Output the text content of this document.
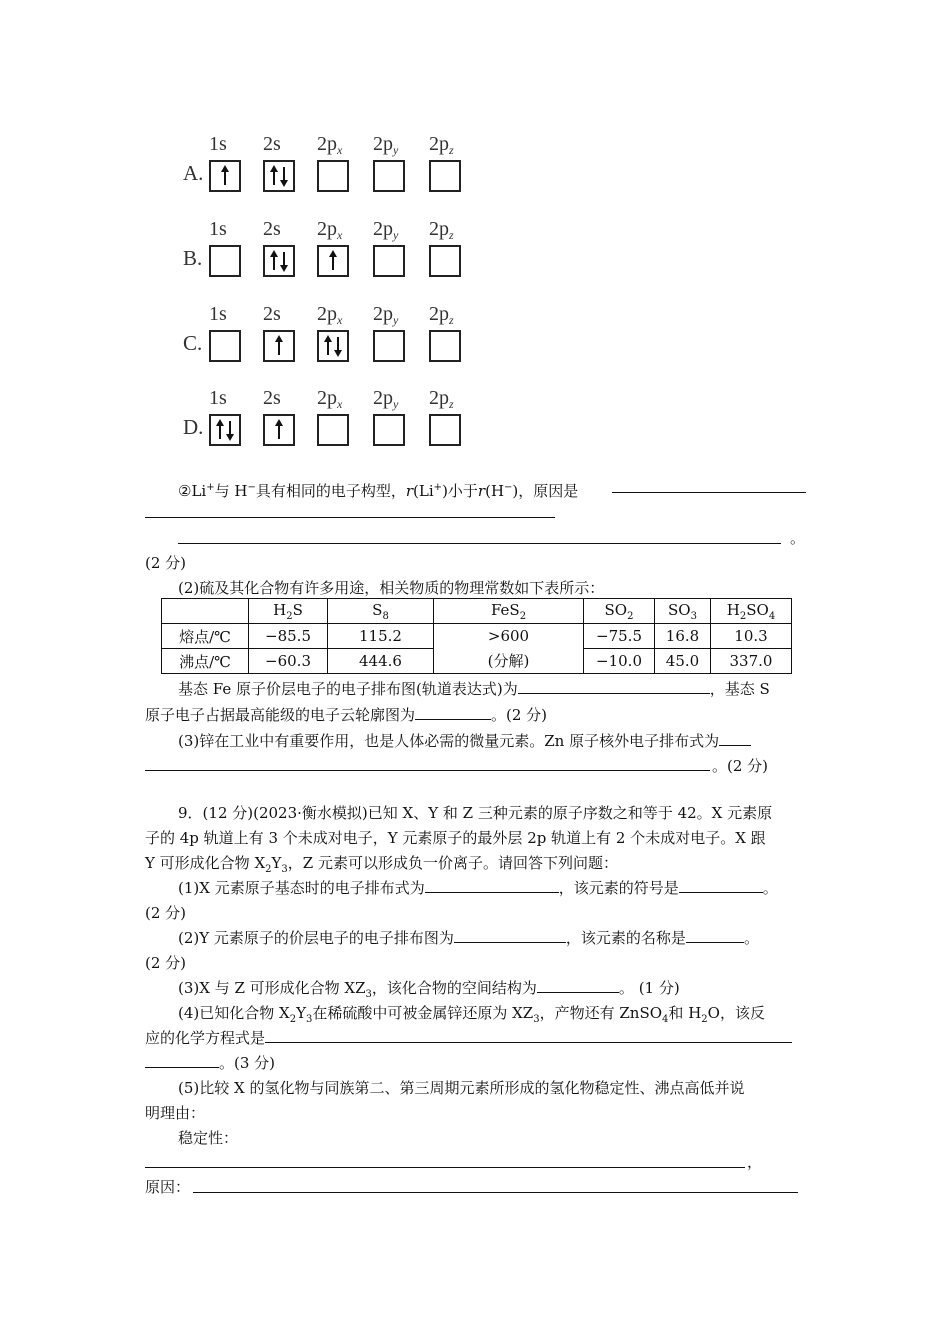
A.
1s	2s	$2p_x$	$2p_y$	$2p_z$
B.
1s	2s	$2p_x$	$2p_y$	$2p_z$
C.
1s	2s	$2p_x$	$2p_y$	$2p_z$
D.
1s	2s	$2p_x$	$2p_y$	$2p_z$
②Li+与 H−具有相同的电子构型，r(Li+)小于r(H−)，原因是
。
(2 分)
(2)硫及其化合物有许多用途，相关物质的物理常数如下表所示：
	$H_2S$	$S_8$	FeS$_2$	$SO_2$	$SO_3$	$H_2SO_4$
熔点/℃	−85.5	115.2	>600	−75.5	16.8	10.3
沸点/℃	−60.3	444.6	(分解)	−10.0	45.0	337.0
基态 Fe 原子价层电子的电子排布图(轨道表达式)为	，基态 S
原子电子占据最高能级的电子云轮廓图为	。(2 分)
(3)锌在工业中有重要作用，也是人体必需的微量元素。Zn 原子核外电子排布式为
。(2 分)
9．(12 分)(2023·衡水模拟)已知 X、Y 和 Z 三种元素的原子序数之和等于 42。X 元素原
子的 4p 轨道上有 3 个未成对电子，Y 元素原子的最外层 2p 轨道上有 2 个未成对电子。X 跟
Y 可形成化合物 $X_2Y_3$，Z 元素可以形成负一价离子。请回答下列问题：
(1)X 元素原子基态时的电子排布式为	，该元素的符号是	。
(2 分)
(2)Y 元素原子的价层电子的电子排布图为	，该元素的名称是	。
(2 分)
(3)X 与 Z 可形成化合物 $XZ_3$，该化合物的空间结构为	。 (1 分)
(4)已知化合物 $X_2Y_3$在稀硫酸中可被金属锌还原为 $XZ_3$，产物还有 ZnSO$_4$和 $H_2O$，该反
应的化学方程式是
。(3 分)
(5)比较 X 的氢化物与同族第二、第三周期元素所形成的氢化物稳定性、沸点高低并说
明理由：
稳定性：
，
原因：
